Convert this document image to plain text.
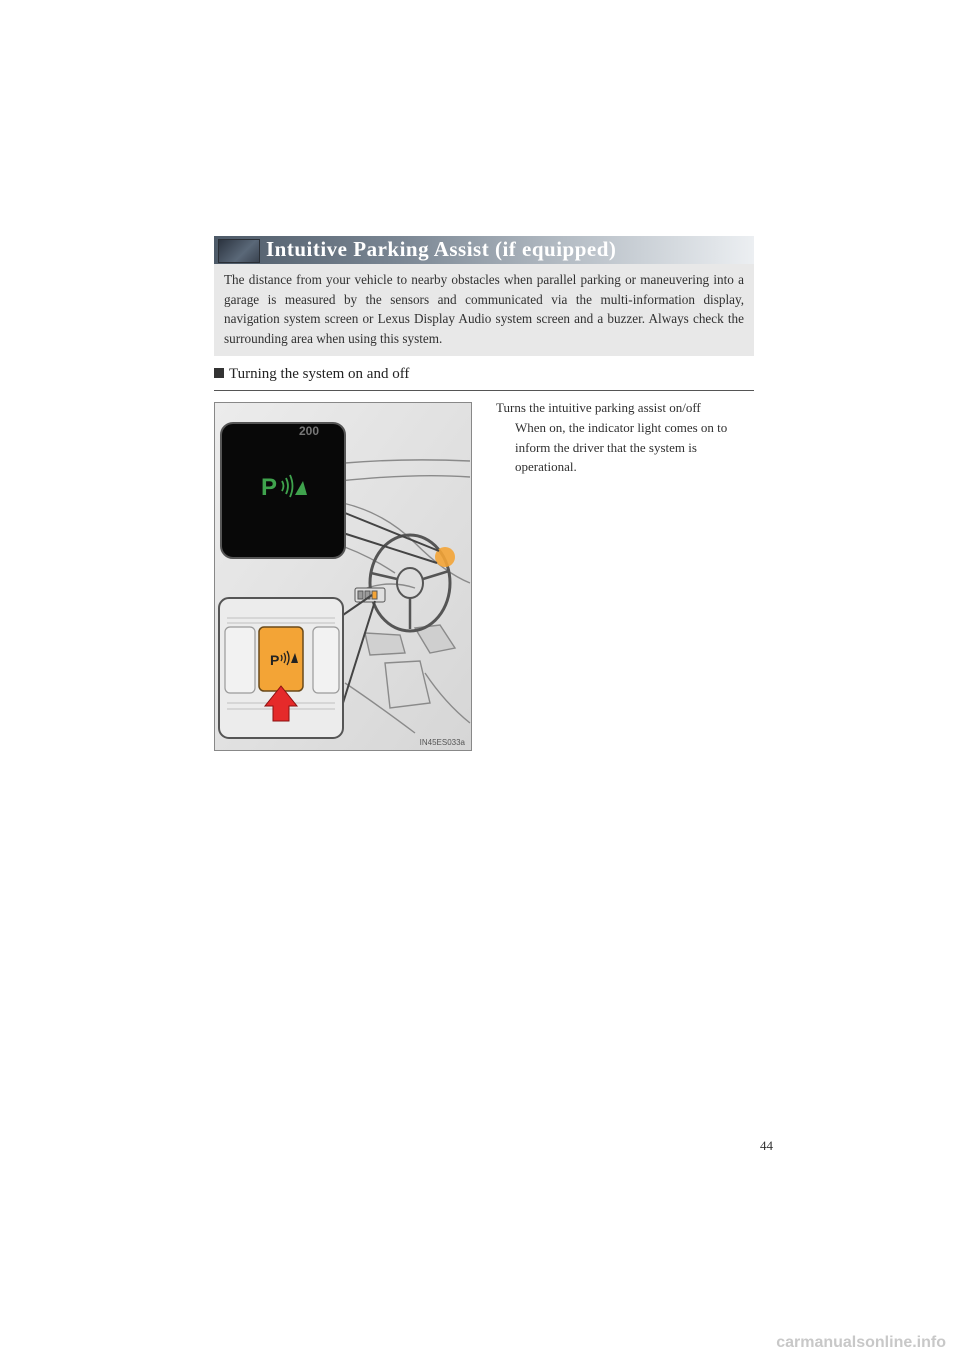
Intuitive Parking Assist (if equipped)

The distance from your vehicle to nearby obstacles when parallel parking or maneuvering into a garage is measured by the sensors and communicated via the multi-information display, navigation system screen or Lexus Display Audio system screen and a buzzer. Always check the surrounding area when using this system.

Turning the system on and off
200
P
P
IN45ES033a

Turns the intuitive parking assist on/off

When on, the indicator light comes on to inform the driver that the system is operational.

44
carmanualsonline.info
